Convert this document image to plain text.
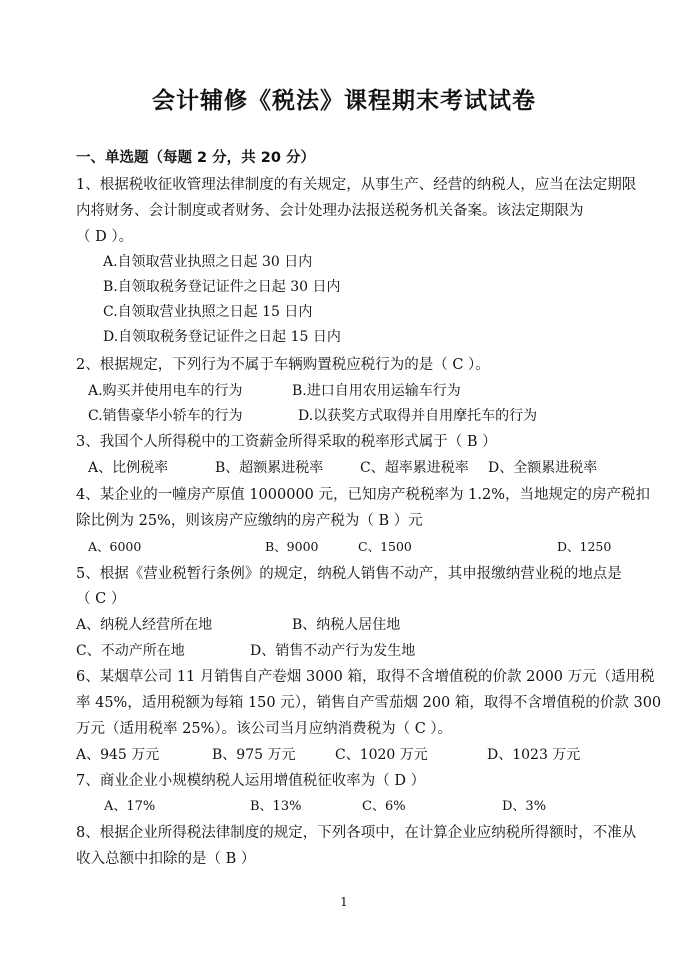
会计辅修《税法》课程期末考试试卷
一、单选题（每题 2 分，共 20 分）
1、根据税收征收管理法律制度的有关规定，从事生产、经营的纳税人，应当在法定期限
内将财务、会计制度或者财务、会计处理办法报送税务机关备案。该法定期限为
（ D ）。
A.自领取营业执照之日起 30 日内
B.自领取税务登记证件之日起 30 日内
C.自领取营业执照之日起 15 日内
D.自领取税务登记证件之日起 15 日内
2、根据规定，下列行为不属于车辆购置税应税行为的是（ C ）。
A.购买并使用电车的行为	B.进口自用农用运输车行为
C.销售豪华小轿车的行为	D.以获奖方式取得并自用摩托车的行为
3、我国个人所得税中的工资薪金所得采取的税率形式属于（ B ）
A、比例税率	B、超额累进税率	C、超率累进税率 D、全额累进税率
4、某企业的一幢房产原值 1000000 元，已知房产税税率为 1.2%，当地规定的房产税扣
除比例为 25%，则该房产应缴纳的房产税为（ B ）元
A、6000	B、9000	C、1500	D、1250
5、根据《营业税暂行条例》的规定，纳税人销售不动产，其申报缴纳营业税的地点是
（ C ）
A、纳税人经营所在地	B、纳税人居住地
C、不动产所在地	D、销售不动产行为发生地
6、某烟草公司 11 月销售自产卷烟 3000 箱，取得不含增值税的价款 2000 万元（适用税
率 45%，适用税额为每箱 150 元），销售自产雪茄烟 200 箱，取得不含增值税的价款 300
万元（适用税率 25%）。该公司当月应纳消费税为（ C ）。
A、945 万元	B、975 万元	C、1020 万元	D、1023 万元
7、商业企业小规模纳税人运用增值税征收率为（ D ）
A、17%	B、13%	C、6%	D、3%
8、根据企业所得税法律制度的规定，下列各项中，在计算企业应纳税所得额时，不准从
收入总额中扣除的是（ B ）
1
